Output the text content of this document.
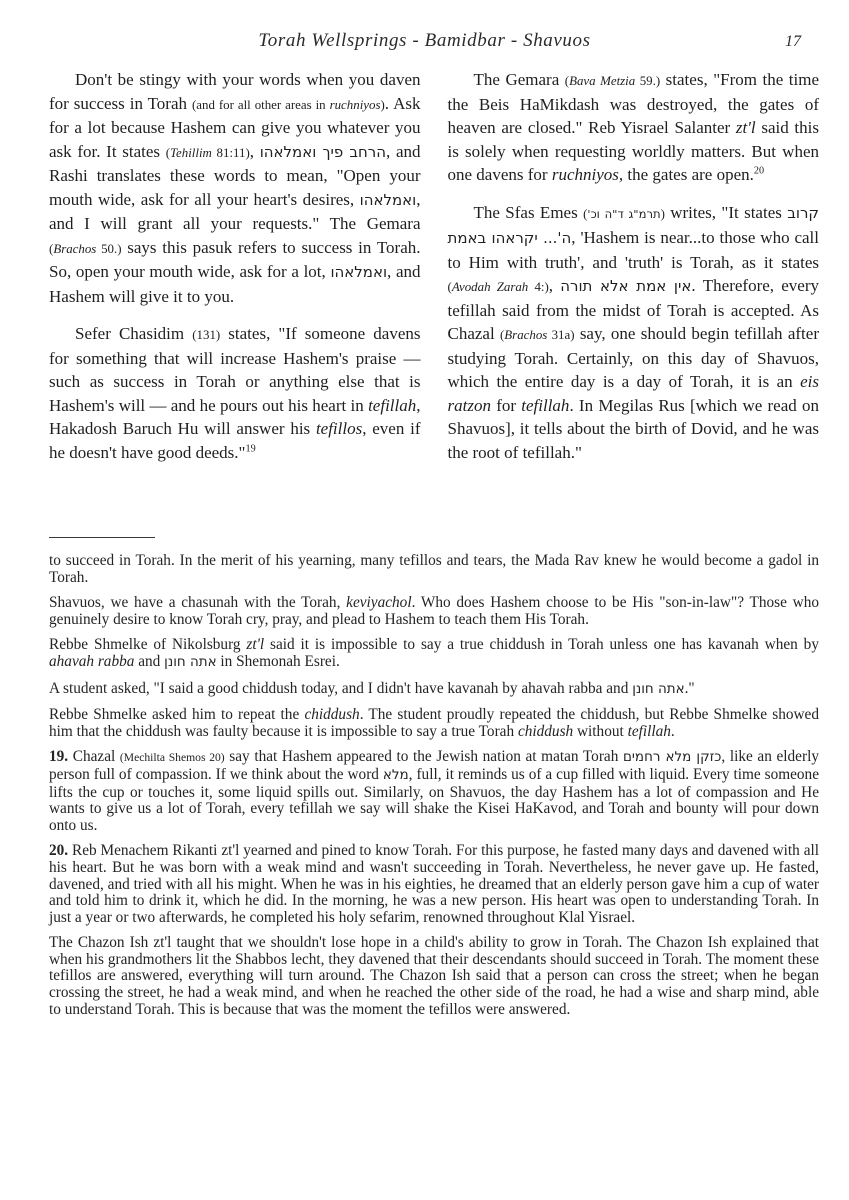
Torah Wellsprings - Bamidbar - Shavuos	17

Don't be stingy with your words when you daven for success in Torah (and for all other areas in ruchniyos). Ask for a lot because Hashem can give you whatever you ask for. It states (Tehillim 81:11), הרחב פיך ואמלאהו, and Rashi translates these words to mean, "Open your mouth wide, ask for all your heart's desires, ואמלאהו, and I will grant all your requests." The Gemara (Brachos 50.) says this pasuk refers to success in Torah. So, open your mouth wide, ask for a lot, ואמלאהו, and Hashem will give it to you.

Sefer Chasidim (131) states, "If someone davens for something that will increase Hashem's praise — such as success in Torah or anything else that is Hashem's will — and he pours out his heart in tefillah, Hakadosh Baruch Hu will answer his tefillos, even if he doesn't have good deeds."$^{19}$

The Gemara (Bava Metzia 59.) states, "From the time the Beis HaMikdash was destroyed, the gates of heaven are closed." Reb Yisrael Salanter zt'l said this is solely when requesting worldly matters. But when one davens for ruchniyos, the gates are open.$^{20}$

The Sfas Emes (תרמ"ג ד"ה וכ') writes, "It states קרוב ה'... יקראהו באמת, 'Hashem is near...to those who call to Him with truth', and 'truth' is Torah, as it states (Avodah Zarah 4:), אין אמת אלא תורה. Therefore, every tefillah said from the midst of Torah is accepted. As Chazal (Brachos 31a) say, one should begin tefillah after studying Torah. Certainly, on this day of Shavuos, which the entire day is a day of Torah, it is an eis ratzon for tefillah. In Megilas Rus [which we read on Shavuos], it tells about the birth of Dovid, and he was the root of tefillah."

to succeed in Torah. In the merit of his yearning, many tefillos and tears, the Mada Rav knew he would become a gadol in Torah.

Shavuos, we have a chasunah with the Torah, keviyachol. Who does Hashem choose to be His "son-in-law"? Those who genuinely desire to know Torah cry, pray, and plead to Hashem to teach them His Torah.

Rebbe Shmelke of Nikolsburg zt'l said it is impossible to say a true chiddush in Torah unless one has kavanah when by ahavah rabba and אתה חונן in Shemonah Esrei.

A student asked, "I said a good chiddush today, and I didn't have kavanah by ahavah rabba and אתה חונן."

Rebbe Shmelke asked him to repeat the chiddush. The student proudly repeated the chiddush, but Rebbe Shmelke showed him that the chiddush was faulty because it is impossible to say a true Torah chiddush without tefillah.

19. Chazal (Mechilta Shemos 20) say that Hashem appeared to the Jewish nation at matan Torah כזקן מלא רחמים, like an elderly person full of compassion. If we think about the word מלא, full, it reminds us of a cup filled with liquid. Every time someone lifts the cup or touches it, some liquid spills out. Similarly, on Shavuos, the day Hashem has a lot of compassion and He wants to give us a lot of Torah, every tefillah we say will shake the Kisei HaKavod, and Torah and bounty will pour down onto us.

20. Reb Menachem Rikanti zt'l yearned and pined to know Torah. For this purpose, he fasted many days and davened with all his heart. But he was born with a weak mind and wasn't succeeding in Torah. Nevertheless, he never gave up. He fasted, davened, and tried with all his might. When he was in his eighties, he dreamed that an elderly person gave him a cup of water and told him to drink it, which he did. In the morning, he was a new person. His heart was open to understanding Torah. In just a year or two afterwards, he completed his holy sefarim, renowned throughout Klal Yisrael.

The Chazon Ish zt'l taught that we shouldn't lose hope in a child's ability to grow in Torah. The Chazon Ish explained that when his grandmothers lit the Shabbos lecht, they davened that their descendants should succeed in Torah. The moment these tefillos are answered, everything will turn around. The Chazon Ish said that a person can cross the street; when he began crossing the street, he had a weak mind, and when he reached the other side of the road, he had a wise and sharp mind, able to understand Torah. This is because that was the moment the tefillos were answered.
